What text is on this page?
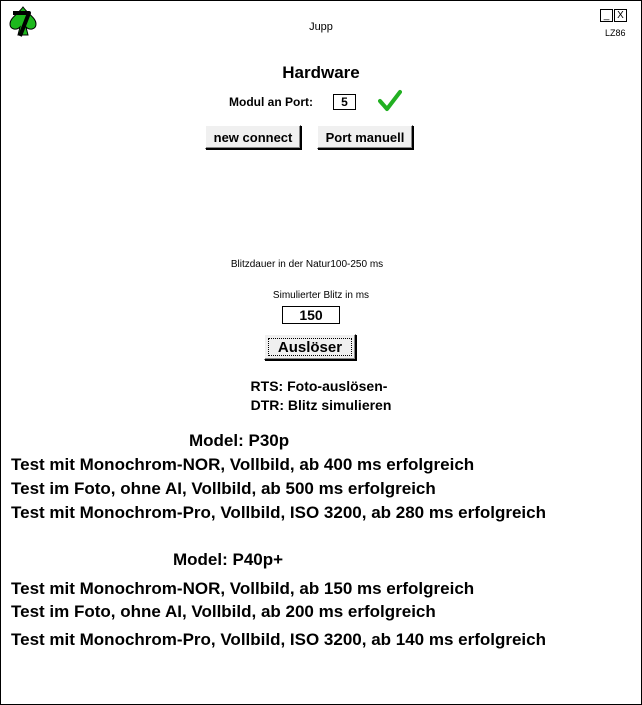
Jupp
_ X
LZ86
Hardware
Modul an Port:	5
new connect	Port manuell
Blitzdauer in der Natur100-250 ms
Simulierter Blitz in ms
150
Auslöser
RTS: Foto-auslösen-
DTR: Blitz simulieren
Model: P30p
Test mit Monochrom-NOR, Vollbild, ab 400 ms erfolgreich
Test im Foto, ohne AI, Vollbild, ab 500 ms erfolgreich
Test mit Monochrom-Pro, Vollbild, ISO 3200, ab 280 ms erfolgreich
Model: P40p+
Test mit Monochrom-NOR, Vollbild, ab 150 ms erfolgreich
Test im Foto, ohne AI, Vollbild, ab 200 ms erfolgreich
Test mit Monochrom-Pro, Vollbild, ISO 3200, ab 140 ms erfolgreich
